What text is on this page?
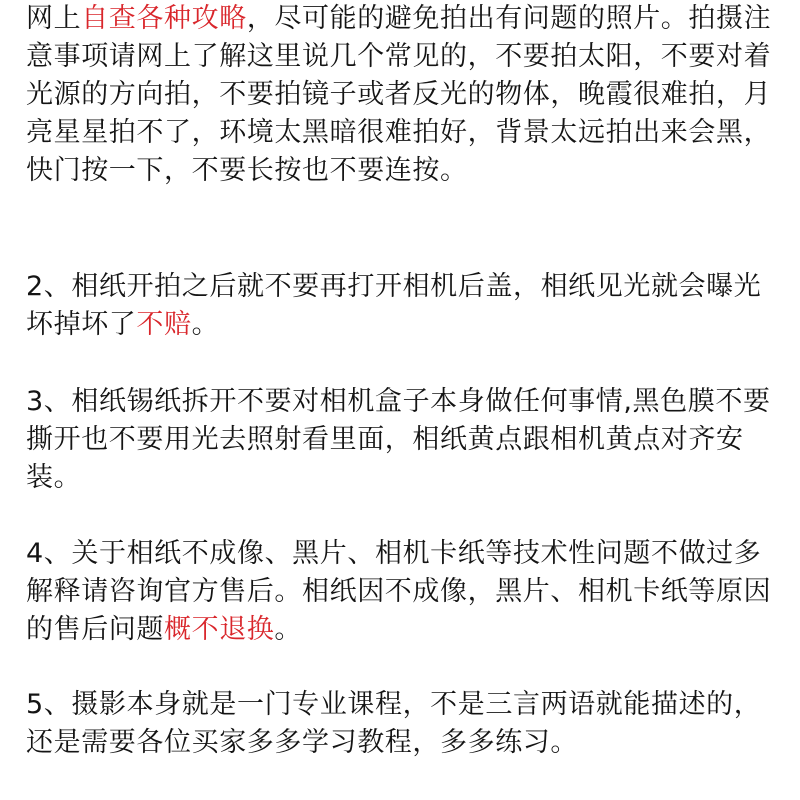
网上自查各种攻略，尽可能的避免拍出有问题的照片。拍摄注意事项请网上了解这里说几个常见的，不要拍太阳，不要对着光源的方向拍，不要拍镜子或者反光的物体，晚霞很难拍，月亮星星拍不了，环境太黑暗很难拍好，背景太远拍出来会黑，快门按一下，不要长按也不要连按。

2、相纸开拍之后就不要再打开相机后盖，相纸见光就会曝光坏掉坏了不赔。

3、相纸锡纸拆开不要对相机盒子本身做任何事情,黑色膜不要撕开也不要用光去照射看里面，相纸黄点跟相机黄点对齐安装。

4、关于相纸不成像、黑片、相机卡纸等技术性问题不做过多解释请咨询官方售后。相纸因不成像，黑片、相机卡纸等原因的售后问题概不退换。

5、摄影本身就是一门专业课程，不是三言两语就能描述的，还是需要各位买家多多学习教程，多多练习。
